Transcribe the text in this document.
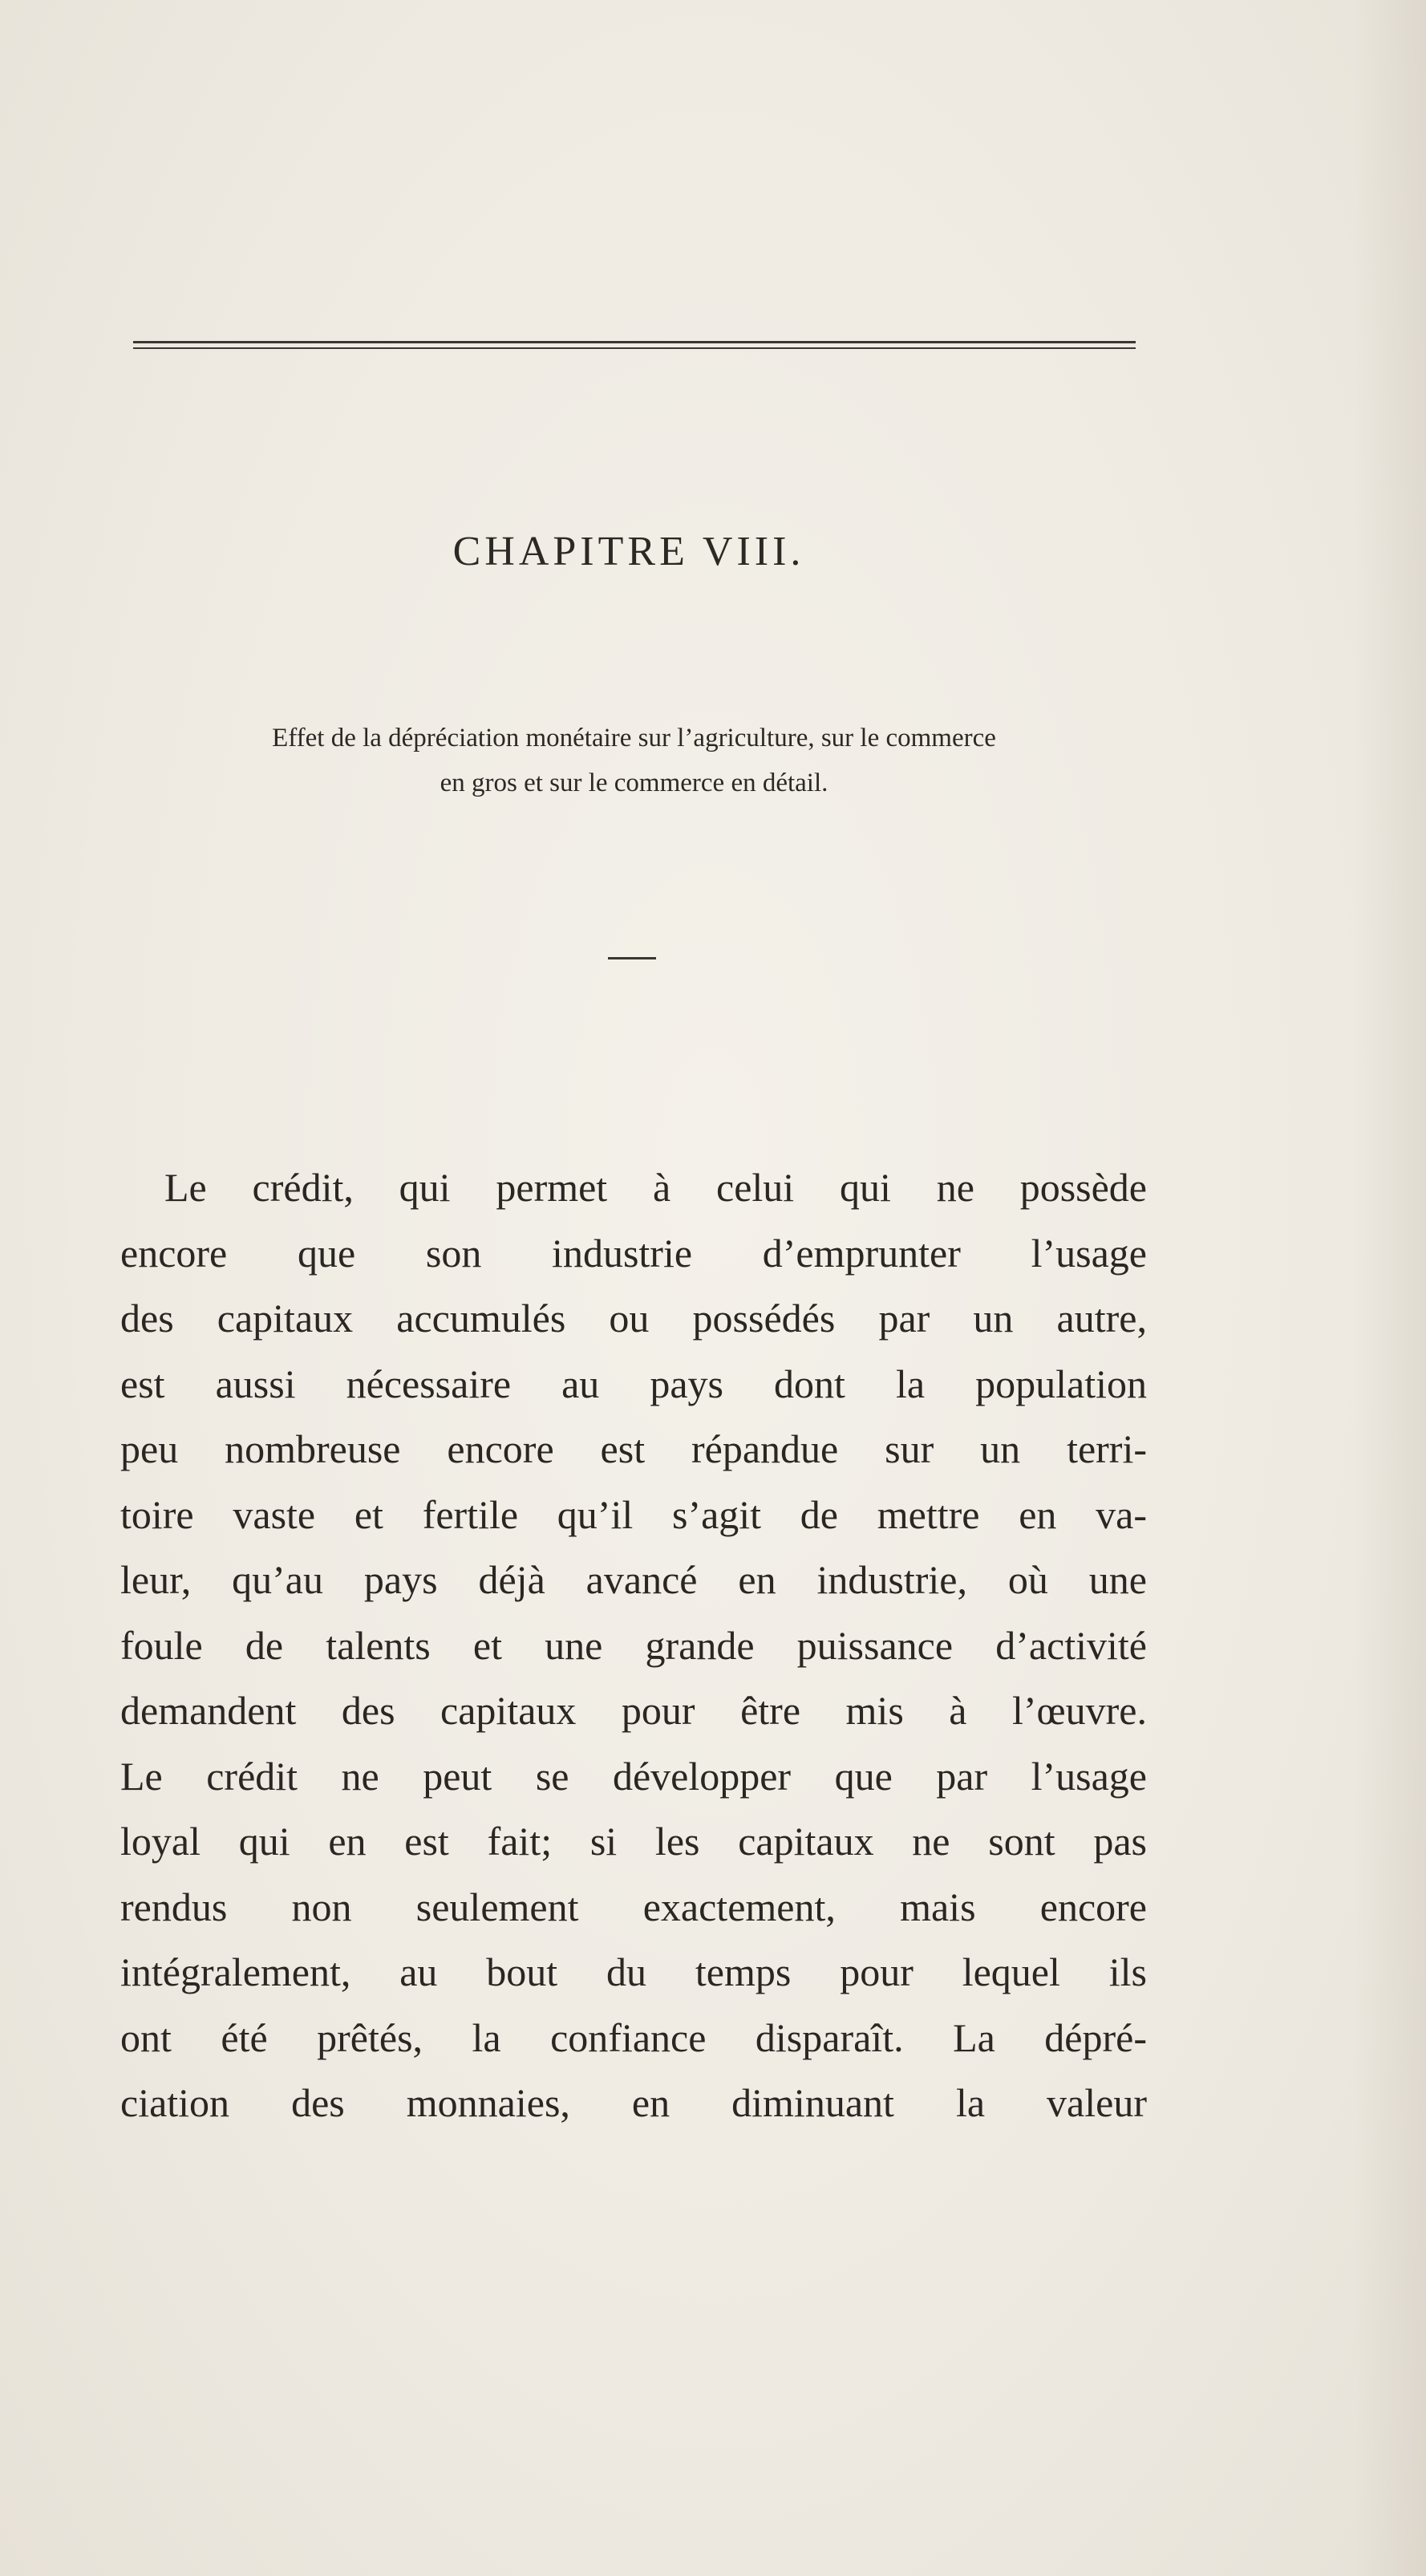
CHAPITRE VIII.

Effet de la dépréciation monétaire sur l’agriculture, sur le commerce
en gros et sur le commerce en détail.

Le crédit, qui permet à celui qui ne possède
encore que son industrie d’emprunter l’usage
des capitaux accumulés ou possédés par un autre,
est aussi nécessaire au pays dont la population
peu nombreuse encore est répandue sur un terri-
toire vaste et fertile qu’il s’agit de mettre en va-
leur, qu’au pays déjà avancé en industrie, où une
foule de talents et une grande puissance d’activité
demandent des capitaux pour être mis à l’œuvre.
Le crédit ne peut se développer que par l’usage
loyal qui en est fait; si les capitaux ne sont pas
rendus non seulement exactement, mais encore
intégralement, au bout du temps pour lequel ils
ont été prêtés, la confiance disparaît. La dépré-
ciation des monnaies, en diminuant la valeur
